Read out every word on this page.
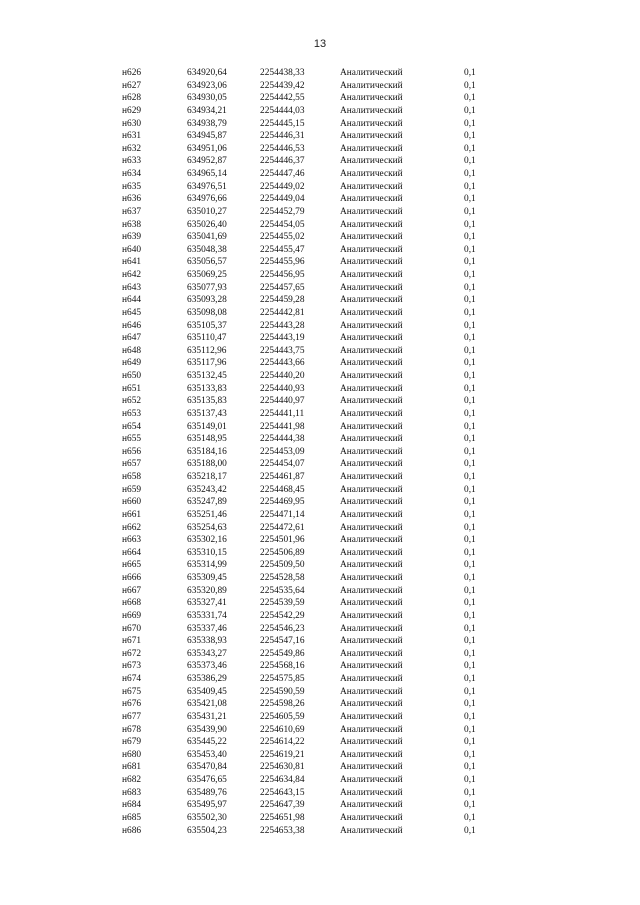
13
н626	634920,64	2254438,33	Аналитический	0,1
н627	634923,06	2254439,42	Аналитический	0,1
н628	634930,05	2254442,55	Аналитический	0,1
н629	634934,21	2254444,03	Аналитический	0,1
н630	634938,79	2254445,15	Аналитический	0,1
н631	634945,87	2254446,31	Аналитический	0,1
н632	634951,06	2254446,53	Аналитический	0,1
н633	634952,87	2254446,37	Аналитический	0,1
н634	634965,14	2254447,46	Аналитический	0,1
н635	634976,51	2254449,02	Аналитический	0,1
н636	634976,66	2254449,04	Аналитический	0,1
н637	635010,27	2254452,79	Аналитический	0,1
н638	635026,40	2254454,05	Аналитический	0,1
н639	635041,69	2254455,02	Аналитический	0,1
н640	635048,38	2254455,47	Аналитический	0,1
н641	635056,57	2254455,96	Аналитический	0,1
н642	635069,25	2254456,95	Аналитический	0,1
н643	635077,93	2254457,65	Аналитический	0,1
н644	635093,28	2254459,28	Аналитический	0,1
н645	635098,08	2254442,81	Аналитический	0,1
н646	635105,37	2254443,28	Аналитический	0,1
н647	635110,47	2254443,19	Аналитический	0,1
н648	635112,96	2254443,75	Аналитический	0,1
н649	635117,96	2254443,66	Аналитический	0,1
н650	635132,45	2254440,20	Аналитический	0,1
н651	635133,83	2254440,93	Аналитический	0,1
н652	635135,83	2254440,97	Аналитический	0,1
н653	635137,43	2254441,11	Аналитический	0,1
н654	635149,01	2254441,98	Аналитический	0,1
н655	635148,95	2254444,38	Аналитический	0,1
н656	635184,16	2254453,09	Аналитический	0,1
н657	635188,00	2254454,07	Аналитический	0,1
н658	635218,17	2254461,87	Аналитический	0,1
н659	635243,42	2254468,45	Аналитический	0,1
н660	635247,89	2254469,95	Аналитический	0,1
н661	635251,46	2254471,14	Аналитический	0,1
н662	635254,63	2254472,61	Аналитический	0,1
н663	635302,16	2254501,96	Аналитический	0,1
н664	635310,15	2254506,89	Аналитический	0,1
н665	635314,99	2254509,50	Аналитический	0,1
н666	635309,45	2254528,58	Аналитический	0,1
н667	635320,89	2254535,64	Аналитический	0,1
н668	635327,41	2254539,59	Аналитический	0,1
н669	635331,74	2254542,29	Аналитический	0,1
н670	635337,46	2254546,23	Аналитический	0,1
н671	635338,93	2254547,16	Аналитический	0,1
н672	635343,27	2254549,86	Аналитический	0,1
н673	635373,46	2254568,16	Аналитический	0,1
н674	635386,29	2254575,85	Аналитический	0,1
н675	635409,45	2254590,59	Аналитический	0,1
н676	635421,08	2254598,26	Аналитический	0,1
н677	635431,21	2254605,59	Аналитический	0,1
н678	635439,90	2254610,69	Аналитический	0,1
н679	635445,22	2254614,22	Аналитический	0,1
н680	635453,40	2254619,21	Аналитический	0,1
н681	635470,84	2254630,81	Аналитический	0,1
н682	635476,65	2254634,84	Аналитический	0,1
н683	635489,76	2254643,15	Аналитический	0,1
н684	635495,97	2254647,39	Аналитический	0,1
н685	635502,30	2254651,98	Аналитический	0,1
н686	635504,23	2254653,38	Аналитический	0,1
